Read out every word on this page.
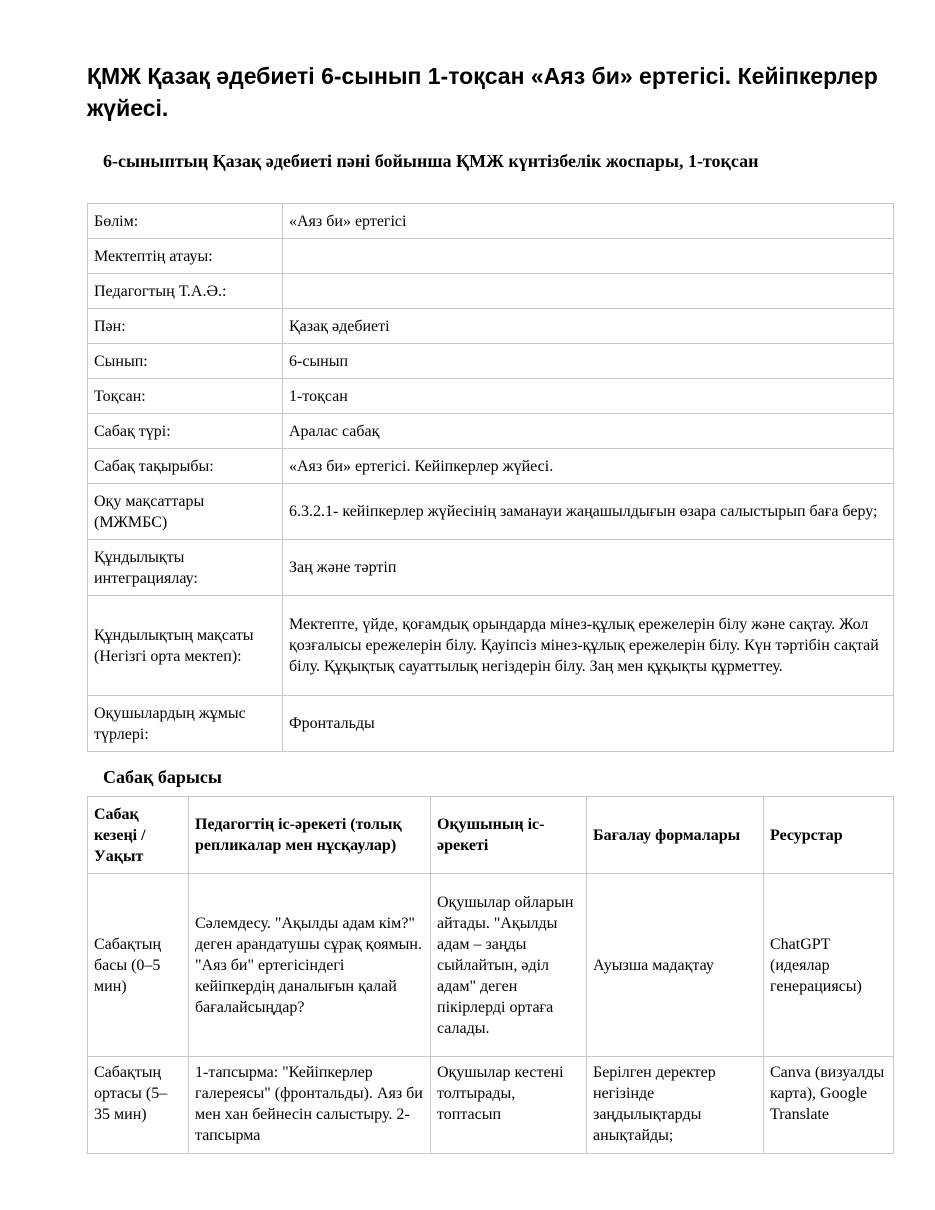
ҚМЖ Қазақ әдебиеті 6-сынып 1-тоқсан «Аяз би» ертегісі. Кейіпкерлер жүйесі.
6-сыныптың Қазақ әдебиеті пәні бойынша ҚМЖ күнтізбелік жоспары, 1-тоқсан
Бөлім:	«Аяз би» ертегісі
Мектептің атауы:	
Педагогтың Т.А.Ә.:	
Пән:	Қазақ әдебиеті
Сынып:	6-сынып
Тоқсан:	1-тоқсан
Сабақ түрі:	Аралас сабақ
Сабақ тақырыбы:	«Аяз би» ертегісі. Кейіпкерлер жүйесі.
Оқу мақсаттары (МЖМБС)	6.3.2.1- кейіпкерлер жүйесінің заманауи жаңашылдығын өзара салыстырып баға беру;
Құндылықты интеграциялау:	Заң және тәртіп
Құндылықтың мақсаты (Негізгі орта мектеп):	Мектепте, үйде, қоғамдық орындарда мінез-құлық ережелерін білу және сақтау. Жол қозғалысы ережелерін білу. Қауіпсіз мінез-құлық ережелерін білу. Күн тәртібін сақтай білу. Құқықтық сауаттылық негіздерін білу. Заң мен құқықты құрметтеу.
Оқушылардың жұмыс түрлері:	Фронтальды
Сабақ барысы
Сабақ кезеңі / Уақыт	Педагогтің іс-әрекеті (толық репликалар мен нұсқаулар)	Оқушының іс-әрекеті	Бағалау формалары	Ресурстар
Сабақтың басы (0–5 мин)	Сәлемдесу. "Ақылды адам кім?" деген арандатушы сұрақ қоямын. "Аяз би" ертегісіндегі кейіпкердің даналығын қалай бағалайсыңдар?	Оқушылар ойларын айтады. "Ақылды адам – заңды сыйлайтын, әділ адам" деген пікірлерді ортаға салады.	Ауызша мадақтау	ChatGPT (идеялар генерациясы)
Сабақтың ортасы (5–35 мин)	1-тапсырма: "Кейіпкерлер галереясы" (фронтальды). Аяз би мен хан бейнесін салыстыру. 2-тапсырма	Оқушылар кестені толтырады, топтасып	Берілген деректер негізінде заңдылықтарды анықтайды;	Canva (визуалды карта), Google Translate
